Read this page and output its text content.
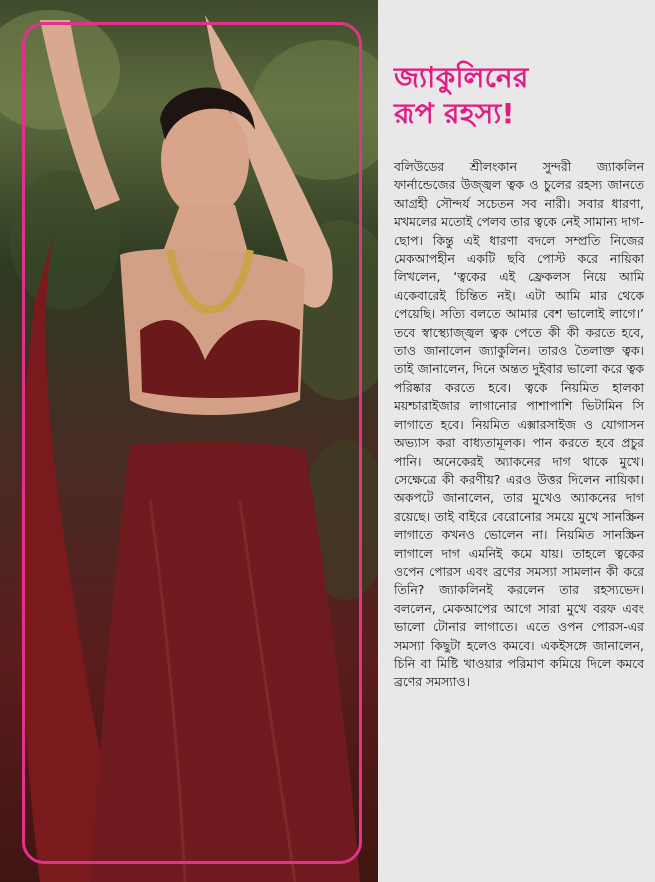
জ্যাকুলিনের
রূপ রহস্য!

বলিউডের শ্রীলংকান সুন্দরী জ্যাকলিন ফার্নান্ডেজের উজ্জ্বল ত্বক ও চুলের রহস্য জানতে আগ্রহী সৌন্দর্য সচেতন সব নারী। সবার ধারণা, মখমলের মতোই পেলব তার ত্বকে নেই সামান্য দাগ-ছোপ। কিন্তু এই ধারণা বদলে সম্প্রতি নিজের মেকআপহীন একটি ছবি পোস্ট করে নায়িকা লিখলেন, ‘ত্বকের এই ফ্রেকলস নিয়ে আমি একেবারেই চিন্তিত নই। এটা আমি মার থেকে পেয়েছি। সত্যি বলতে আমার বেশ ভালোই লাগে।’ তবে স্বাস্থ্যোজ্জ্বল ত্বক পেতে কী কী করতে হবে, তাও জানালেন জ্যাকুলিন। তারও তৈলাক্ত ত্বক। তাই জানালেন, দিনে অন্তত দুইবার ভালো করে ত্বক পরিষ্কার করতে হবে। ত্বকে নিয়মিত হালকা ময়শ্চারাইজার লাগানোর পাশাপাশি ভিটামিন সি লাগাতে হবে। নিয়মিত এক্সারসাইজ ও যোগাসন অভ্যাস করা বাধ্যতামূলক। পান করতে হবে প্রচুর পানি। অনেকেরই অ্যাকনের দাগ থাকে মুখে। সেক্ষেত্রে কী করণীয়? এরও উত্তর দিলেন নায়িকা। অকপটে জানালেন, তার মুখেও অ্যাকনের দাগ রয়েছে। তাই বাইরে বেরোনোর সময়ে মুখে সানস্ক্রিন লাগাতে কখনও ভোলেন না। নিয়মিত সানস্ক্রিন লাগালে দাগ এমনিই কমে যায়। তাহলে ত্বকের ওপেন পোরস এবং ব্রণের সমস্যা সামলান কী করে তিনি? জ্যাকলিনই করলেন তার রহস্যভেদ। বললেন, মেকআপের আগে সারা মুখে বরফ এবং ভালো টোনার লাগাতে। এতে ওপন পোরস-এর সমস্যা কিছুটা হলেও কমবে। একইসঙ্গে জানালেন, চিনি বা মিষ্টি খাওয়ার পরিমাণ কমিয়ে দিলে কমবে ব্রণের সমস্যাও।
